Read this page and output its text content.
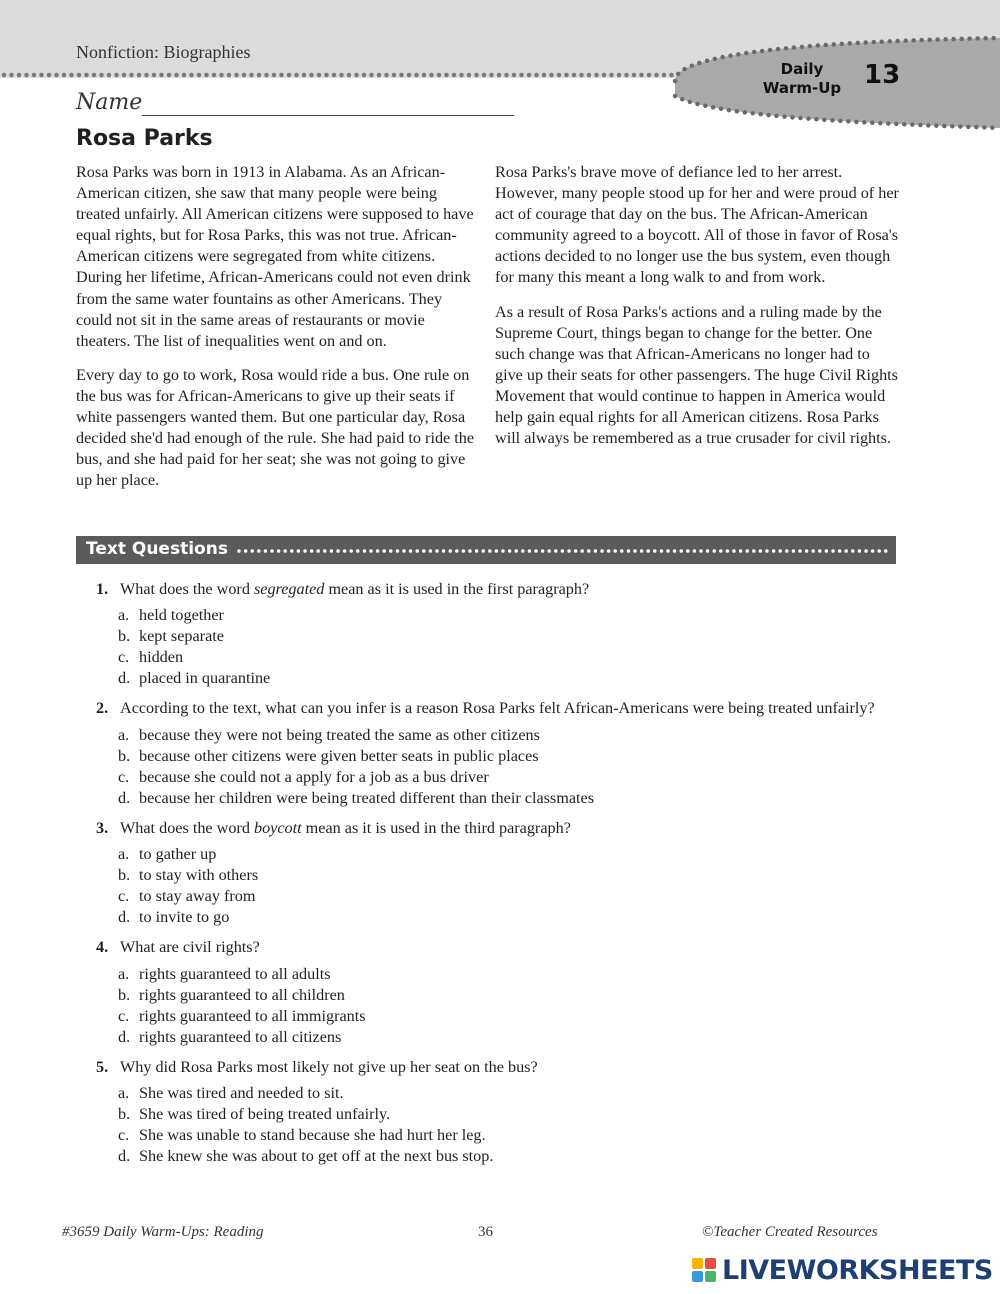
Nonfiction: Biographies
Daily
Warm-Up 13
Name
Rosa Parks

Rosa Parks was born in 1913 in Alabama. As an African-American citizen, she saw that many people were being treated unfairly. All American citizens were supposed to have equal rights, but for Rosa Parks, this was not true. African-American citizens were segregated from white citizens. During her lifetime, African-Americans could not even drink from the same water fountains as other Americans. They could not sit in the same areas of restaurants or movie theaters. The list of inequalities went on and on.

Every day to go to work, Rosa would ride a bus. One rule on the bus was for African-Americans to give up their seats if white passengers wanted them. But one particular day, Rosa decided she'd had enough of the rule. She had paid to ride the bus, and she had paid for her seat; she was not going to give up her place.

Rosa Parks's brave move of defiance led to her arrest. However, many people stood up for her and were proud of her act of courage that day on the bus. The African-American community agreed to a boycott. All of those in favor of Rosa's actions decided to no longer use the bus system, even though for many this meant a long walk to and from work.

As a result of Rosa Parks's actions and a ruling made by the Supreme Court, things began to change for the better. One such change was that African-Americans no longer had to give up their seats for other passengers. The huge Civil Rights Movement that would continue to happen in America would help gain equal rights for all American citizens. Rosa Parks will always be remembered as a true crusader for civil rights.

Text Questions
1. What does the word segregated mean as it is used in the first paragraph?
a. held together
b. kept separate
c. hidden
d. placed in quarantine
2. According to the text, what can you infer is a reason Rosa Parks felt African-Americans were being treated unfairly?
a. because they were not being treated the same as other citizens
b. because other citizens were given better seats in public places
c. because she could not a apply for a job as a bus driver
d. because her children were being treated different than their classmates
3. What does the word boycott mean as it is used in the third paragraph?
a. to gather up
b. to stay with others
c. to stay away from
d. to invite to go
4. What are civil rights?
a. rights guaranteed to all adults
b. rights guaranteed to all children
c. rights guaranteed to all immigrants
d. rights guaranteed to all citizens
5. Why did Rosa Parks most likely not give up her seat on the bus?
a. She was tired and needed to sit.
b. She was tired of being treated unfairly.
c. She was unable to stand because she had hurt her leg.
d. She knew she was about to get off at the next bus stop.
#3659 Daily Warm-Ups: Reading	36	©Teacher Created Resources
LIVEWORKSHEETS
